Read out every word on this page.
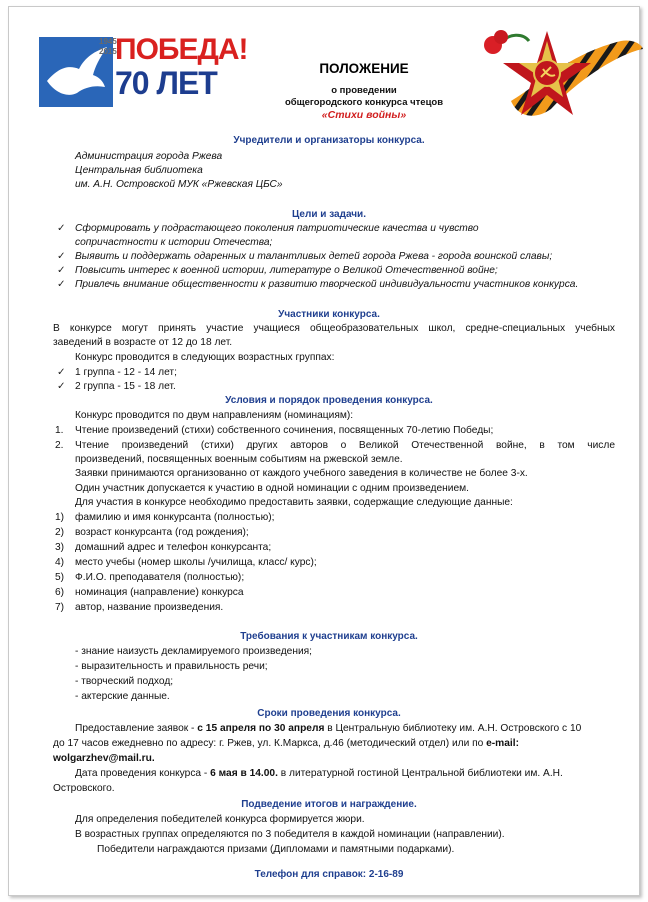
1945
2015
ПОБЕДА!
70 ЛЕТ	ПОЛОЖЕНИЕ
о проведении
общегородского конкурса чтецов
«Стихи войны»
Учредители и организаторы конкурса.
Администрация города Ржева
Центральная библиотека
им. А.Н. Островской МУК «Ржевская ЦБС»
Цели и задачи.
✓ Сформировать у подрастающего поколения патриотические качества и чувство
сопричастности к истории Отечества;
✓ Выявить и поддержать одаренных и талантливых детей города Ржева - города воинской славы;
✓ Повысить интерес к военной истории, литературе о Великой Отечественной войне;
✓ Привлечь внимание общественности к развитию творческой индивидуальности участников конкурса.
Участники конкурса.
В конкурсе могут принять участие учащиеся общеобразовательных школ, средне-специальных учебных
заведений в возрасте от 12 до 18 лет.
Конкурс проводится в следующих возрастных группах:
✓ 1 группа - 12 - 14 лет;
✓ 2 группа - 15 - 18 лет.
Условия и порядок проведения конкурса.
Конкурс проводится по двум направлениям (номинациям):
1. Чтение произведений (стихи) собственного сочинения, посвященных 70-летию Победы;
2. Чтение произведений (стихи) других авторов о Великой Отечественной войне, в том числе
произведений, посвященных военным событиям на ржевской земле.
Заявки принимаются организованно от каждого учебного заведения в количестве не более 3-х.
Один участник допускается к участию в одной номинации с одним произведением.
Для участия в конкурсе необходимо предоставить заявки, содержащие следующие данные:
1) фамилию и имя конкурсанта (полностью);
2) возраст конкурсанта (год рождения);
3) домашний адрес и телефон конкурсанта;
4) место учебы (номер школы /училища, класс/ курс);
5) Ф.И.О. преподавателя (полностью);
6) номинация (направление) конкурса
7) автор, название произведения.
Требования к участникам конкурса.
- знание наизусть декламируемого произведения;
- выразительность и правильность речи;
- творческий подход;
- актерские данные.
Сроки проведения конкурса.
Предоставление заявок - с 15 апреля по 30 апреля в Центральную библиотеку им. А.Н. Островского с 10
до 17 часов ежедневно по адресу: г. Ржев, ул. К.Маркса, д.46 (методический отдел) или по e-mail:
wolgarzhev@mail.ru.
Дата проведения конкурса - 6 мая в 14.00. в литературной гостиной Центральной библиотеки им. А.Н.
Островского.
Подведение итогов и награждение.
Для определения победителей конкурса формируется жюри.
В возрастных группах определяются по 3 победителя в каждой номинации (направлении).
Победители награждаются призами (Дипломами и памятными подарками).
Телефон для справок: 2-16-89
